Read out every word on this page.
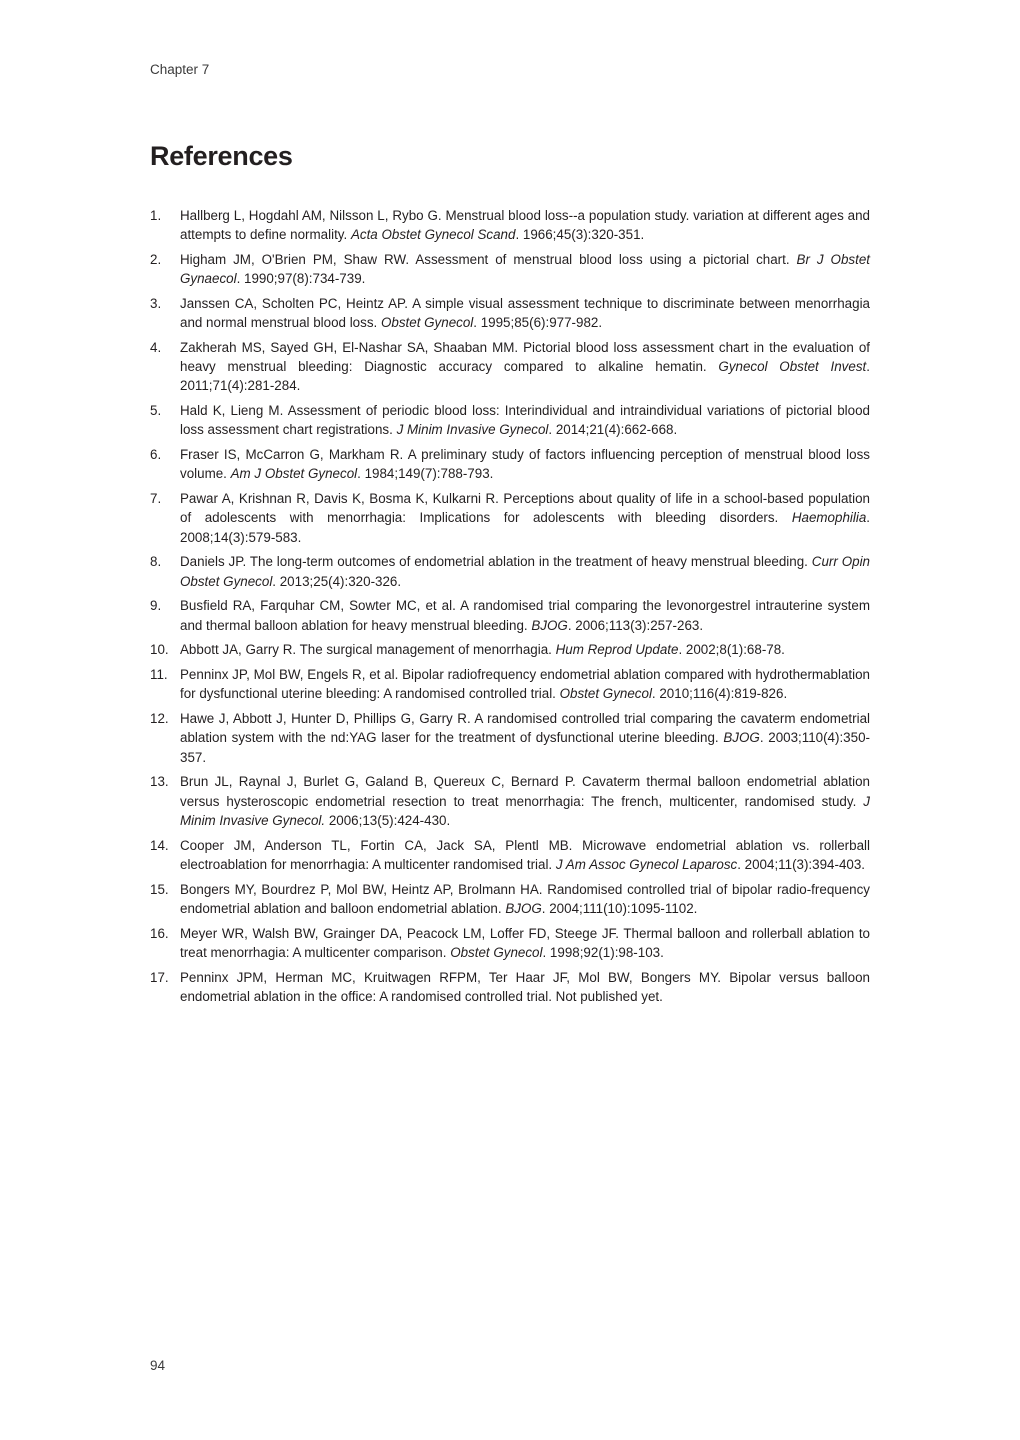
Chapter 7
References
1.	Hallberg L, Hogdahl AM, Nilsson L, Rybo G. Menstrual blood loss--a population study. variation at different ages and attempts to define normality. Acta Obstet Gynecol Scand. 1966;45(3):320-351.
2.	Higham JM, O'Brien PM, Shaw RW. Assessment of menstrual blood loss using a pictorial chart. Br J Obstet Gynaecol. 1990;97(8):734-739.
3.	Janssen CA, Scholten PC, Heintz AP. A simple visual assessment technique to discriminate between menorrhagia and normal menstrual blood loss. Obstet Gynecol. 1995;85(6):977-982.
4.	Zakherah MS, Sayed GH, El-Nashar SA, Shaaban MM. Pictorial blood loss assessment chart in the evaluation of heavy menstrual bleeding: Diagnostic accuracy compared to alkaline hematin. Gynecol Obstet Invest. 2011;71(4):281-284.
5.	Hald K, Lieng M. Assessment of periodic blood loss: Interindividual and intraindividual variations of pictorial blood loss assessment chart registrations. J Minim Invasive Gynecol. 2014;21(4):662-668.
6.	Fraser IS, McCarron G, Markham R. A preliminary study of factors influencing perception of menstrual blood loss volume. Am J Obstet Gynecol. 1984;149(7):788-793.
7.	Pawar A, Krishnan R, Davis K, Bosma K, Kulkarni R. Perceptions about quality of life in a school-based population of adolescents with menorrhagia: Implications for adolescents with bleeding disorders. Haemophilia. 2008;14(3):579-583.
8.	Daniels JP. The long-term outcomes of endometrial ablation in the treatment of heavy menstrual bleeding. Curr Opin Obstet Gynecol. 2013;25(4):320-326.
9.	Busfield RA, Farquhar CM, Sowter MC, et al. A randomised trial comparing the levonorgestrel intrauterine system and thermal balloon ablation for heavy menstrual bleeding. BJOG. 2006;113(3):257-263.
10. Abbott JA, Garry R. The surgical management of menorrhagia. Hum Reprod Update. 2002;8(1):68-78.
11. Penninx JP, Mol BW, Engels R, et al. Bipolar radiofrequency endometrial ablation compared with hydrothermablation for dysfunctional uterine bleeding: A randomised controlled trial. Obstet Gynecol. 2010;116(4):819-826.
12. Hawe J, Abbott J, Hunter D, Phillips G, Garry R. A randomised controlled trial comparing the cavaterm endometrial ablation system with the nd:YAG laser for the treatment of dysfunctional uterine bleeding. BJOG. 2003;110(4):350-357.
13. Brun JL, Raynal J, Burlet G, Galand B, Quereux C, Bernard P. Cavaterm thermal balloon endometrial ablation versus hysteroscopic endometrial resection to treat menorrhagia: The french, multicenter, randomised study. J Minim Invasive Gynecol. 2006;13(5):424-430.
14. Cooper JM, Anderson TL, Fortin CA, Jack SA, Plentl MB. Microwave endometrial ablation vs. rollerball electroablation for menorrhagia: A multicenter randomised trial. J Am Assoc Gynecol Laparosc. 2004;11(3):394-403.
15. Bongers MY, Bourdrez P, Mol BW, Heintz AP, Brolmann HA. Randomised controlled trial of bipolar radio-frequency endometrial ablation and balloon endometrial ablation. BJOG. 2004;111(10):1095-1102.
16. Meyer WR, Walsh BW, Grainger DA, Peacock LM, Loffer FD, Steege JF. Thermal balloon and rollerball ablation to treat menorrhagia: A multicenter comparison. Obstet Gynecol. 1998;92(1):98-103.
17. Penninx JPM, Herman MC, Kruitwagen RFPM, Ter Haar JF, Mol BW, Bongers MY. Bipolar versus balloon endometrial ablation in the office: A randomised controlled trial. Not published yet.
94
